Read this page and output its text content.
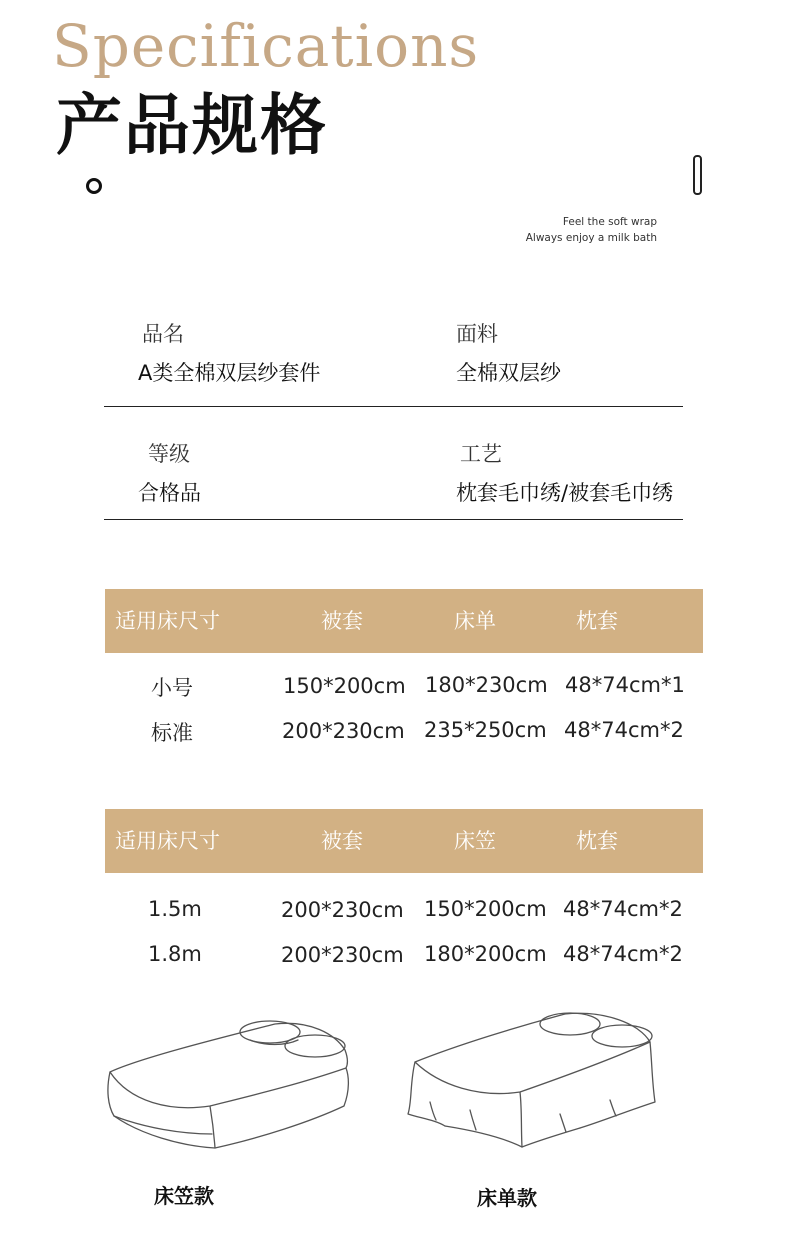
Specifications
产品规格
Feel the soft wrap
Always enjoy a milk bath
品名
A类全棉双层纱套件
面料
全棉双层纱
等级
合格品
工艺
枕套毛巾绣/被套毛巾绣
适用床尺寸	被套	床单	枕套
小号	150*200cm 180*230cm 48*74cm*1
标准	200*230cm 235*250cm 48*74cm*2
适用床尺寸	被套	床笠	枕套
1.5m	200*230cm 150*200cm 48*74cm*2
1.8m	200*230cm 180*200cm 48*74cm*2
床笠款	床单款
